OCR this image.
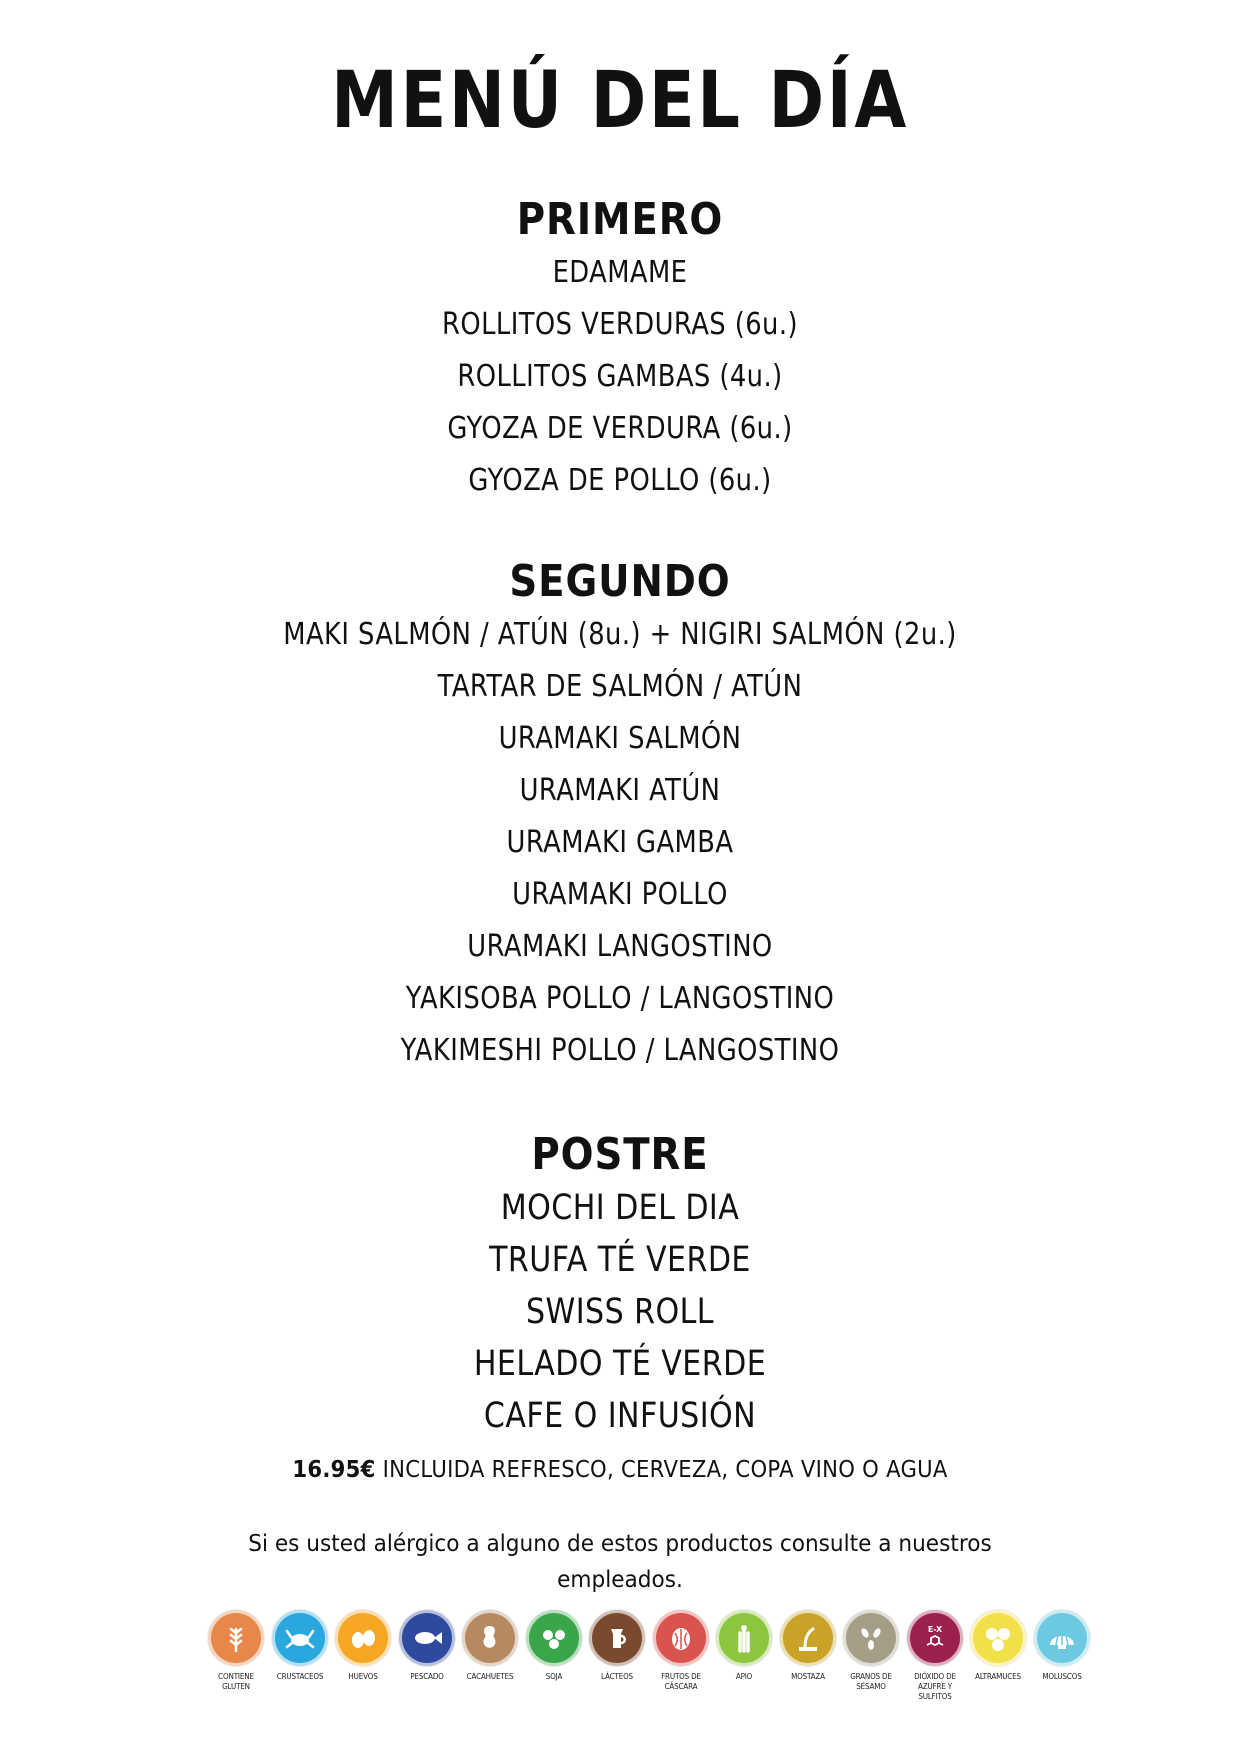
MENÚ DEL DÍA
PRIMERO
EDAMAME
ROLLITOS VERDURAS (6u.)
ROLLITOS GAMBAS (4u.)
GYOZA DE VERDURA (6u.)
GYOZA DE POLLO (6u.)
SEGUNDO
MAKI SALMÓN / ATÚN (8u.) + NIGIRI SALMÓN (2u.)
TARTAR DE SALMÓN / ATÚN
URAMAKI SALMÓN
URAMAKI ATÚN
URAMAKI GAMBA
URAMAKI POLLO
URAMAKI LANGOSTINO
YAKISOBA POLLO / LANGOSTINO
YAKIMESHI POLLO / LANGOSTINO
POSTRE
MOCHI DEL DIA
TRUFA TÉ VERDE
SWISS ROLL
HELADO TÉ VERDE
CAFE O INFUSIÓN
16.95€ INCLUIDA REFRESCO, CERVEZA, COPA VINO O AGUA
Si es usted alérgico a alguno de estos productos consulte a nuestros empleados.
CONTIENE GLUTEN
CRUSTACEOS	HUEVOS	PESCADO	CACAHUETES	SOJA	LÁCTEOS	FRUTOS DE CÁSCARA
APIO	MOSTAZA	GRANOS DE SÉSAMO
E-X
DIÓXIDO DE AZUFRE Y SULFITOS
ALTRAMUCES	MOLUSCOS
